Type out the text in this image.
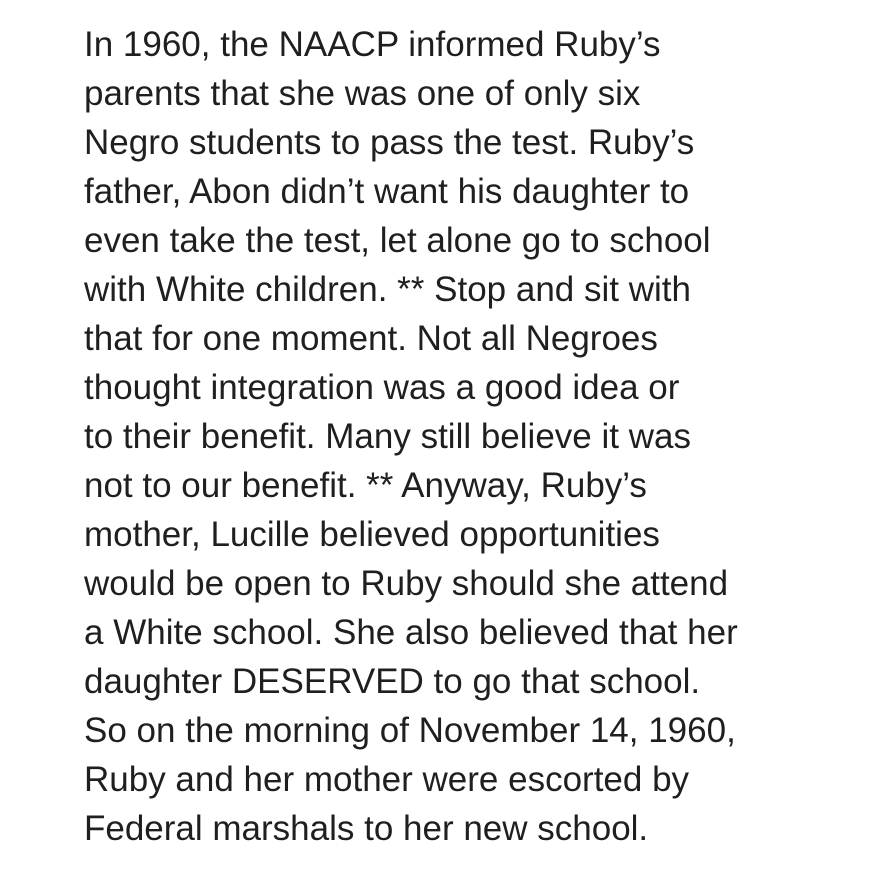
In 1960, the NAACP informed Ruby’s
parents that she was one of only six
Negro students to pass the test. Ruby’s
father, Abon didn’t want his daughter to
even take the test, let alone go to school
with White children. ** Stop and sit with
that for one moment. Not all Negroes
thought integration was a good idea or
to their benefit. Many still believe it was
not to our benefit. ** Anyway, Ruby’s
mother, Lucille believed opportunities
would be open to Ruby should she attend
a White school. She also believed that her
daughter DESERVED to go that school.
So on the morning of November 14, 1960,
Ruby and her mother were escorted by
Federal marshals to her new school.
